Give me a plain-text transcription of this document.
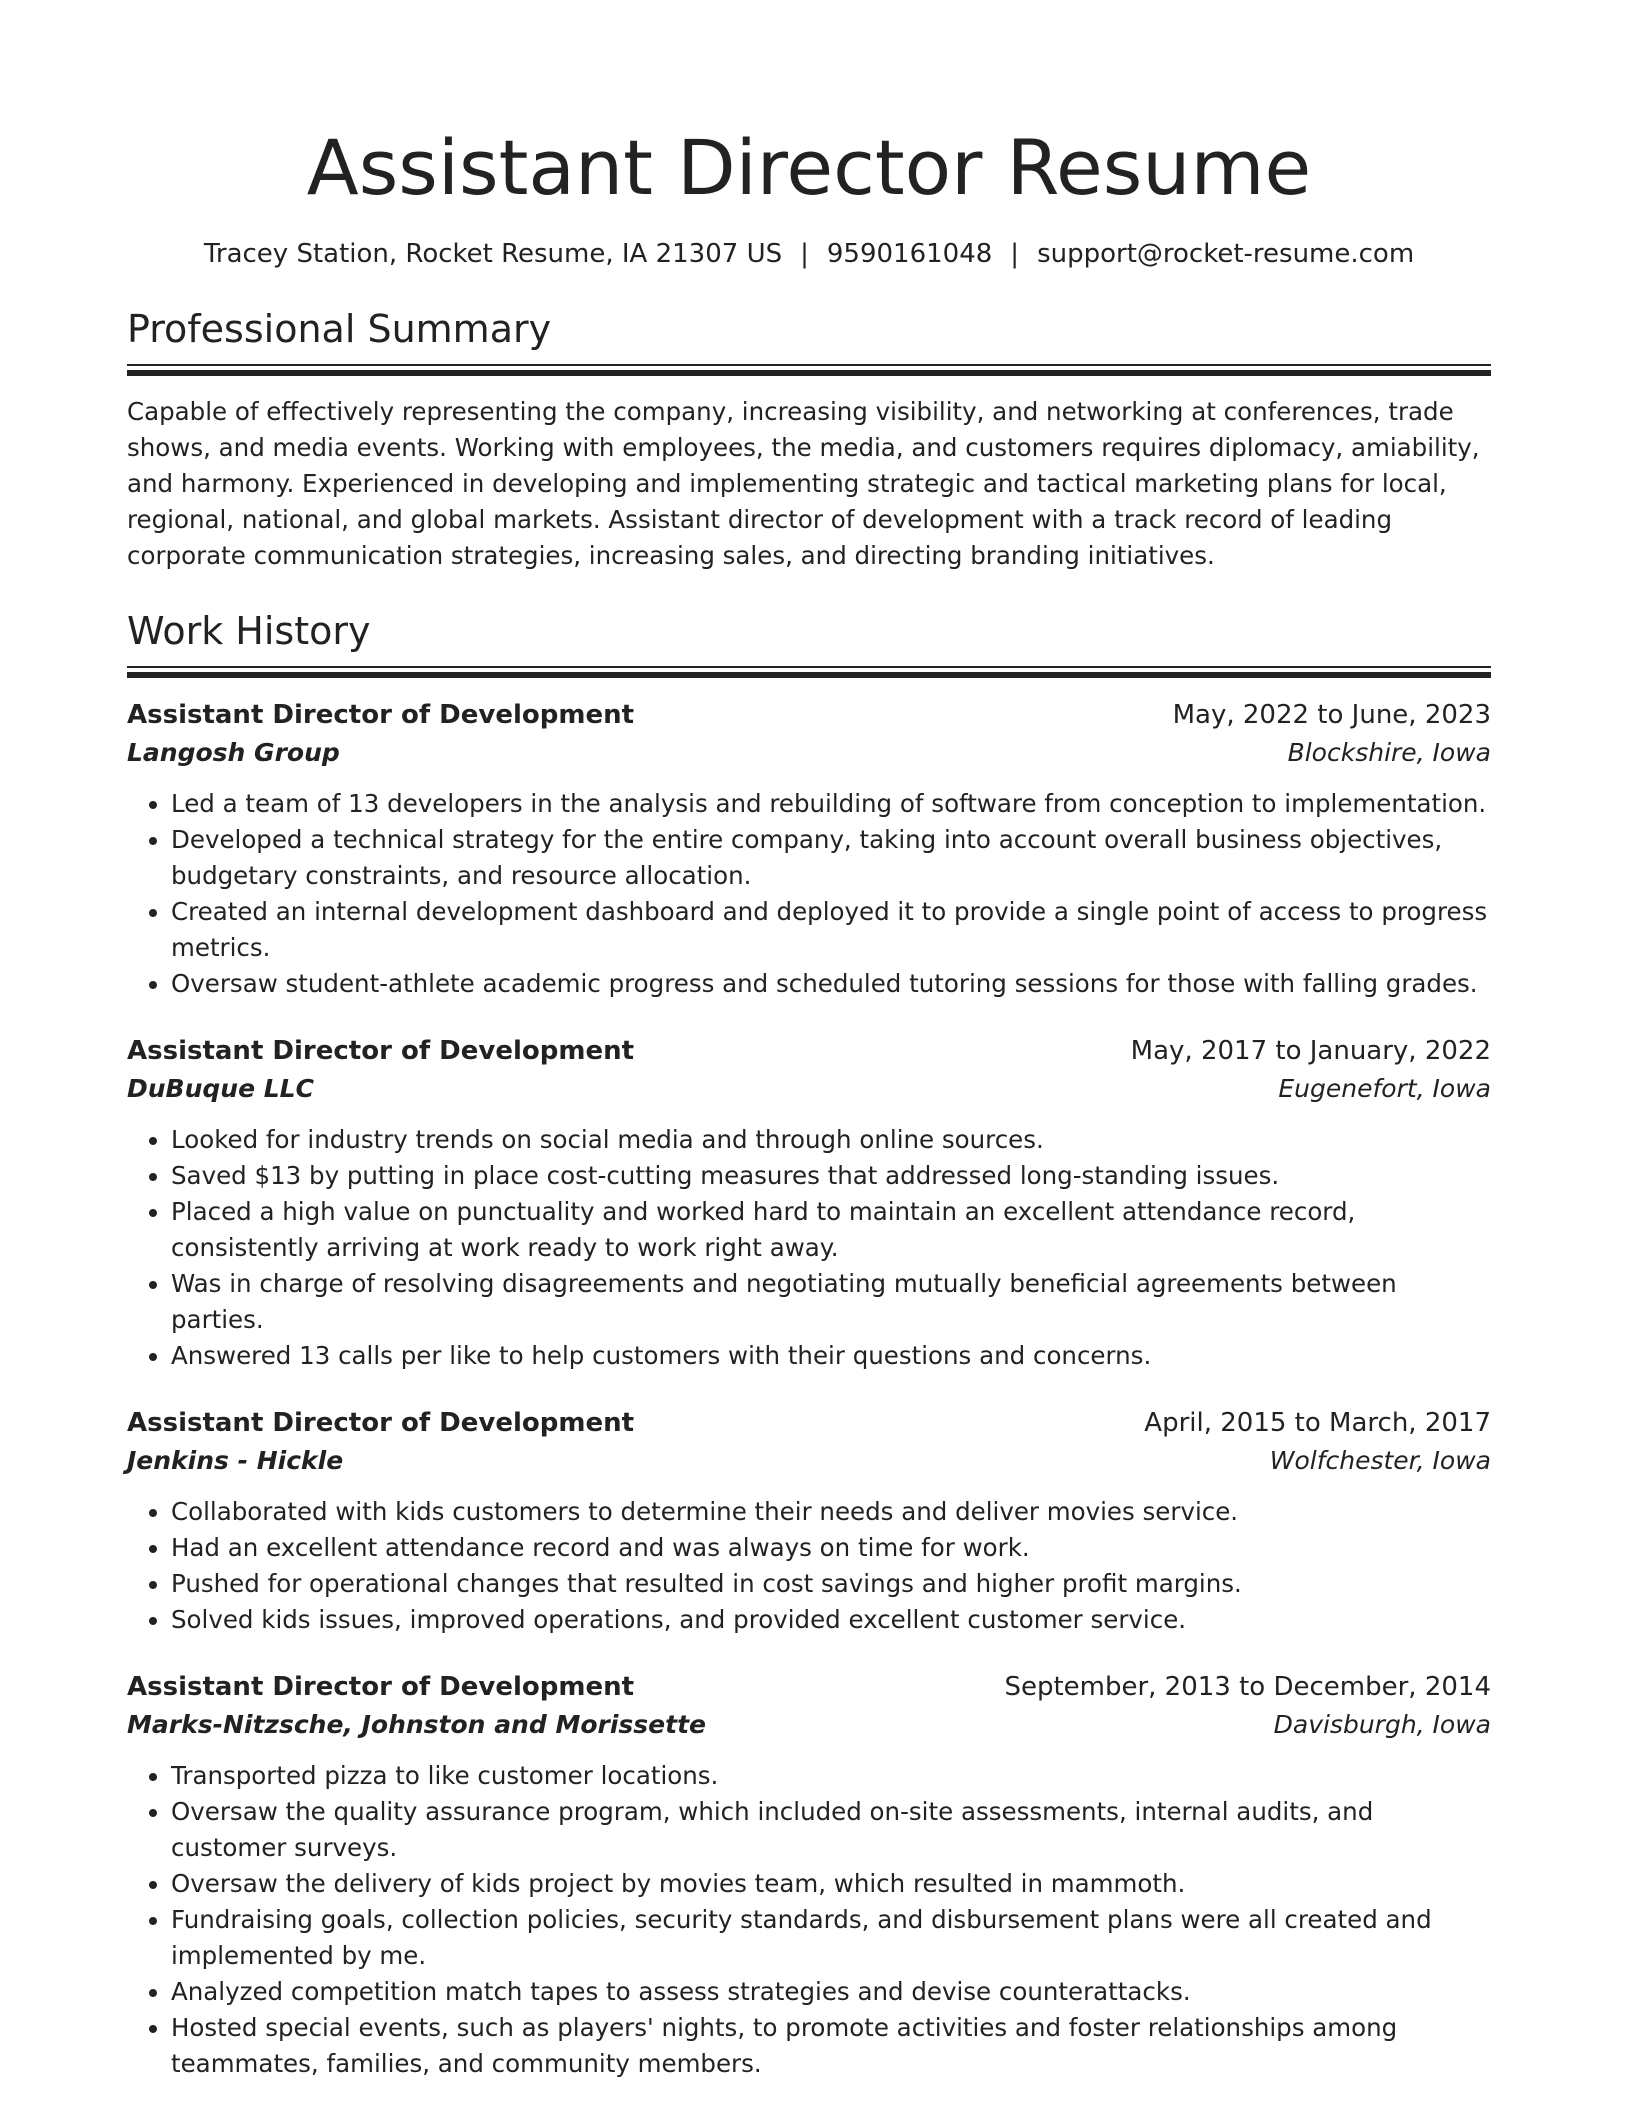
Assistant Director Resume
Tracey Station, Rocket Resume, IA 21307 US | 9590161048 | support@rocket-resume.com
Professional Summary

Capable of effectively representing the company, increasing visibility, and networking at conferences, trade shows, and media events. Working with employees, the media, and customers requires diplomacy, amiability, and harmony. Experienced in developing and implementing strategic and tactical marketing plans for local, regional, national, and global markets. Assistant director of development with a track record of leading corporate communication strategies, increasing sales, and directing branding initiatives.

Work History
Assistant Director of Development	May, 2022 to June, 2023
Langosh Group	Blockshire, Iowa
• Led a team of 13 developers in the analysis and rebuilding of software from conception to implementation.
• Developed a technical strategy for the entire company, taking into account overall business objectives, budgetary constraints, and resource allocation.
• Created an internal development dashboard and deployed it to provide a single point of access to progress metrics.
• Oversaw student-athlete academic progress and scheduled tutoring sessions for those with falling grades.
Assistant Director of Development	May, 2017 to January, 2022
DuBuque LLC	Eugenefort, Iowa
• Looked for industry trends on social media and through online sources.
• Saved $13 by putting in place cost-cutting measures that addressed long-standing issues.
• Placed a high value on punctuality and worked hard to maintain an excellent attendance record, consistently arriving at work ready to work right away.
• Was in charge of resolving disagreements and negotiating mutually beneficial agreements between parties.
• Answered 13 calls per like to help customers with their questions and concerns.
Assistant Director of Development	April, 2015 to March, 2017
Jenkins - Hickle	Wolfchester, Iowa
• Collaborated with kids customers to determine their needs and deliver movies service.
• Had an excellent attendance record and was always on time for work.
• Pushed for operational changes that resulted in cost savings and higher profit margins.
• Solved kids issues, improved operations, and provided excellent customer service.
Assistant Director of Development	September, 2013 to December, 2014
Marks-Nitzsche, Johnston and Morissette	Davisburgh, Iowa
• Transported pizza to like customer locations.
• Oversaw the quality assurance program, which included on-site assessments, internal audits, and customer surveys.
• Oversaw the delivery of kids project by movies team, which resulted in mammoth.
• Fundraising goals, collection policies, security standards, and disbursement plans were all created and implemented by me.
• Analyzed competition match tapes to assess strategies and devise counterattacks.
• Hosted special events, such as players' nights, to promote activities and foster relationships among teammates, families, and community members.
